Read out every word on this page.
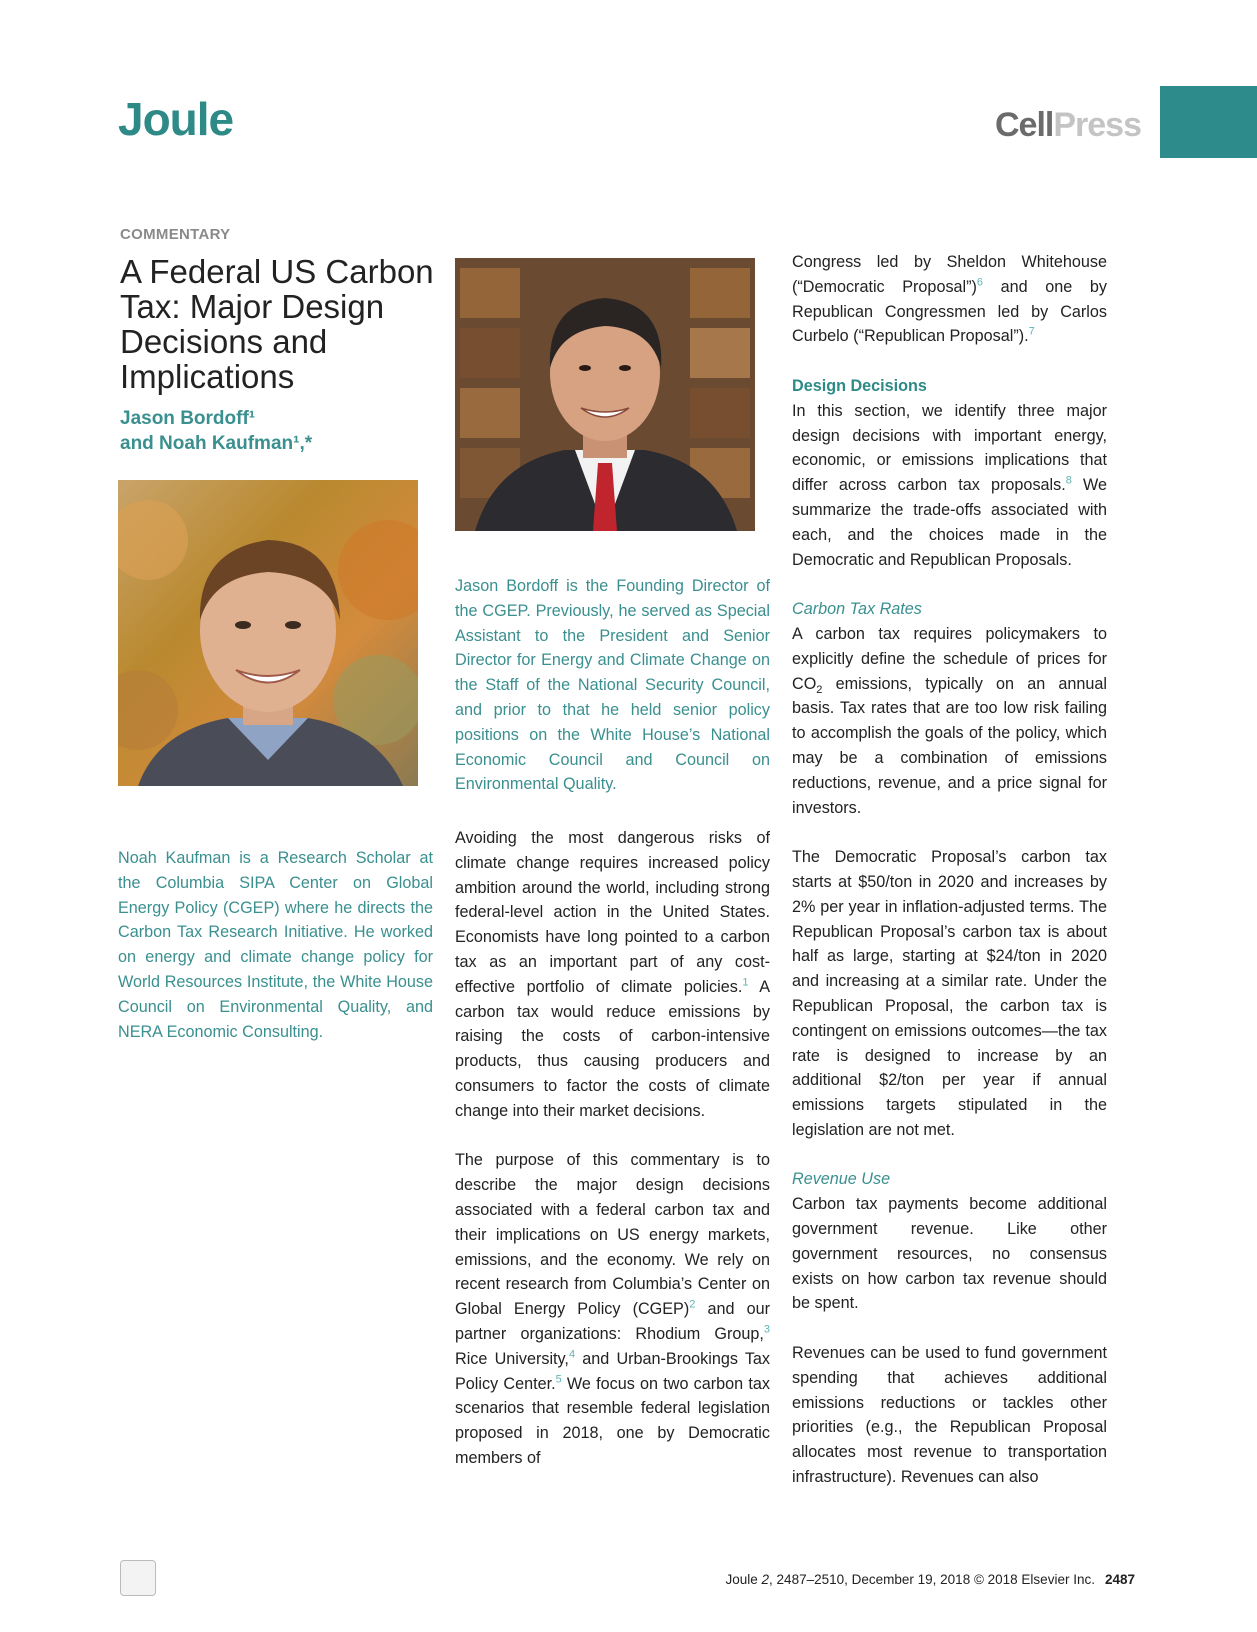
Joule	CellPress
COMMENTARY
A Federal US Carbon Tax: Major Design Decisions and Implications
Jason Bordoff¹
and Noah Kaufman¹,*
Noah Kaufman is a Research Scholar at the Columbia SIPA Center on Global Energy Policy (CGEP) where he directs the Carbon Tax Research Initiative. He worked on energy and climate change policy for World Resources Institute, the White House Council on Environmental Quality, and NERA Economic Consulting.
Jason Bordoff is the Founding Director of the CGEP. Previously, he served as Special Assistant to the President and Senior Director for Energy and Climate Change on the Staff of the National Security Council, and prior to that he held senior policy positions on the White House’s National Economic Council and Council on Environmental Quality.

Avoiding the most dangerous risks of climate change requires increased policy ambition around the world, including strong federal-level action in the United States. Economists have long pointed to a carbon tax as an important part of any cost-effective portfolio of climate policies.$^1$ A carbon tax would reduce emissions by raising the costs of carbon-intensive products, thus causing producers and consumers to factor the costs of climate change into their market decisions.

The purpose of this commentary is to describe the major design decisions associated with a federal carbon tax and their implications on US energy markets, emissions, and the economy. We rely on recent research from Columbia’s Center on Global Energy Policy (CGEP)$^2$ and our partner organizations: Rhodium Group,$^3$ Rice University,$^4$ and Urban-Brookings Tax Policy Center.$^5$ We focus on two carbon tax scenarios that resemble federal legislation proposed in 2018, one by Democratic members of

Congress led by Sheldon Whitehouse (“Democratic Proposal”)$^6$ and one by Republican Congressmen led by Carlos Curbelo (“Republican Proposal”).$^7$

Design Decisions

In this section, we identify three major design decisions with important energy, economic, or emissions implications that differ across carbon tax proposals.$^8$ We summarize the trade-offs associated with each, and the choices made in the Democratic and Republican Proposals.

Carbon Tax Rates

A carbon tax requires policymakers to explicitly define the schedule of prices for $CO_2$ emissions, typically on an annual basis. Tax rates that are too low risk failing to accomplish the goals of the policy, which may be a combination of emissions reductions, revenue, and a price signal for investors.

The Democratic Proposal’s carbon tax starts at $50/ton in 2020 and increases by 2% per year in inflation-adjusted terms. The Republican Proposal’s carbon tax is about half as large, starting at $24/ton in 2020 and increasing at a similar rate. Under the Republican Proposal, the carbon tax is contingent on emissions outcomes—the tax rate is designed to increase by an additional $2/ton per year if annual emissions targets stipulated in the legislation are not met.

Revenue Use

Carbon tax payments become additional government revenue. Like other government resources, no consensus exists on how carbon tax revenue should be spent.

Revenues can be used to fund government spending that achieves additional emissions reductions or tackles other priorities (e.g., the Republican Proposal allocates most revenue to transportation infrastructure). Revenues can also

Joule 2, 2487–2510, December 19, 2018 © 2018 Elsevier Inc. 2487
